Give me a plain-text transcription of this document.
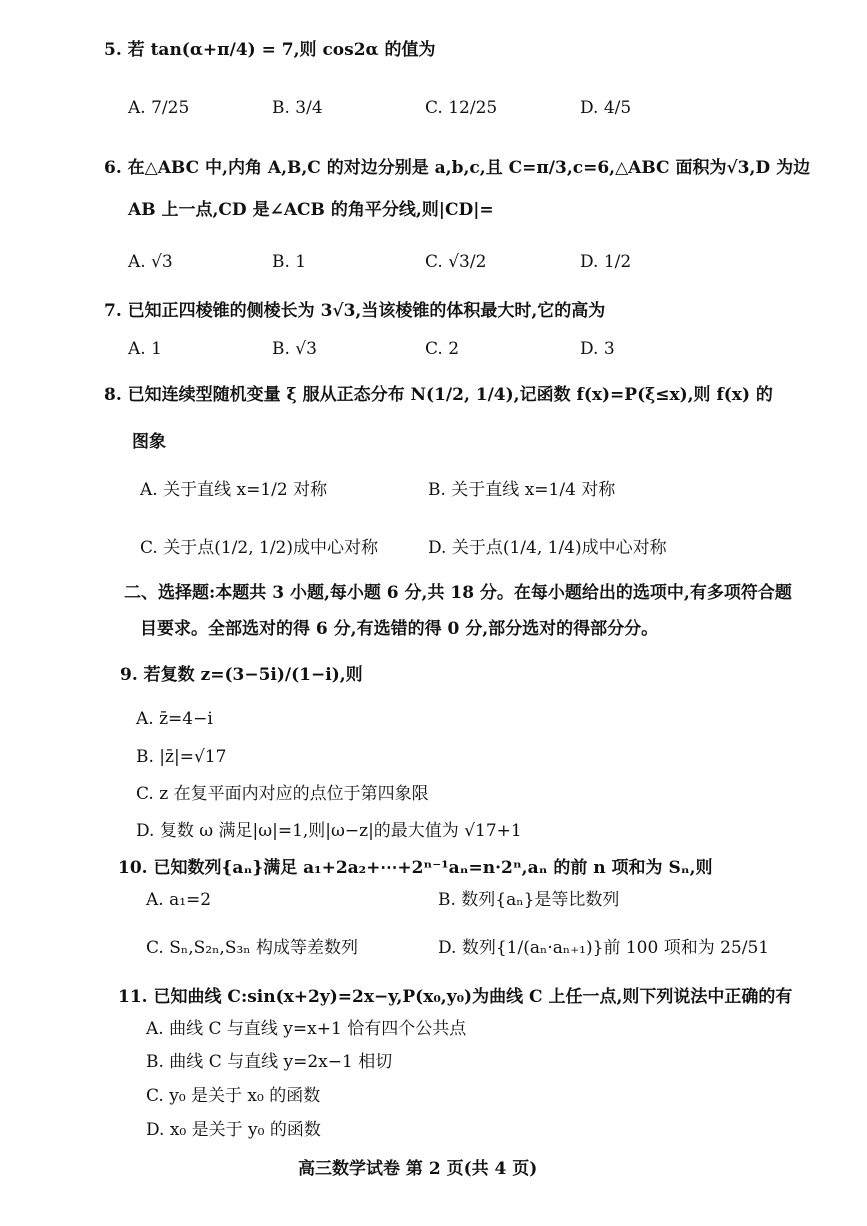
5. 若 tan(α+π/4) = 7,则 cos2α 的值为
A. 7/25	B. 3/4	C. 12/25	D. 4/5
6. 在△ABC 中,内角 A,B,C 的对边分别是 a,b,c,且 C=π/3,c=6,△ABC 面积为√3,D 为边
AB 上一点,CD 是∠ACB 的角平分线,则|CD|=
A. √3	B. 1	C. √3/2	D. 1/2
7. 已知正四棱锥的侧棱长为 3√3,当该棱锥的体积最大时,它的高为
A. 1	B. √3	C. 2	D. 3
8. 已知连续型随机变量 ξ 服从正态分布 N(1/2, 1/4),记函数 f(x)=P(ξ≤x),则 f(x) 的
图象
A. 关于直线 x=1/2 对称	B. 关于直线 x=1/4 对称
C. 关于点(1/2, 1/2)成中心对称	D. 关于点(1/4, 1/4)成中心对称
二、选择题:本题共 3 小题,每小题 6 分,共 18 分。在每小题给出的选项中,有多项符合题
目要求。全部选对的得 6 分,有选错的得 0 分,部分选对的得部分分。
9. 若复数 z=(3−5i)/(1−i),则
A. z̄=4−i
B. |z̄|=√17
C. z 在复平面内对应的点位于第四象限
D. 复数 ω 满足|ω|=1,则|ω−z|的最大值为 √17+1
10. 已知数列{aₙ}满足 a₁+2a₂+⋯+2ⁿ⁻¹aₙ=n·2ⁿ,aₙ 的前 n 项和为 Sₙ,则
A. a₁=2	B. 数列{aₙ}是等比数列
C. Sₙ,S₂ₙ,S₃ₙ 构成等差数列	D. 数列{1/(aₙ·aₙ₊₁)}前 100 项和为 25/51
11. 已知曲线 C:sin(x+2y)=2x−y,P(x₀,y₀)为曲线 C 上任一点,则下列说法中正确的有
A. 曲线 C 与直线 y=x+1 恰有四个公共点
B. 曲线 C 与直线 y=2x−1 相切
C. y₀ 是关于 x₀ 的函数
D. x₀ 是关于 y₀ 的函数
高三数学试卷 第 2 页(共 4 页)
